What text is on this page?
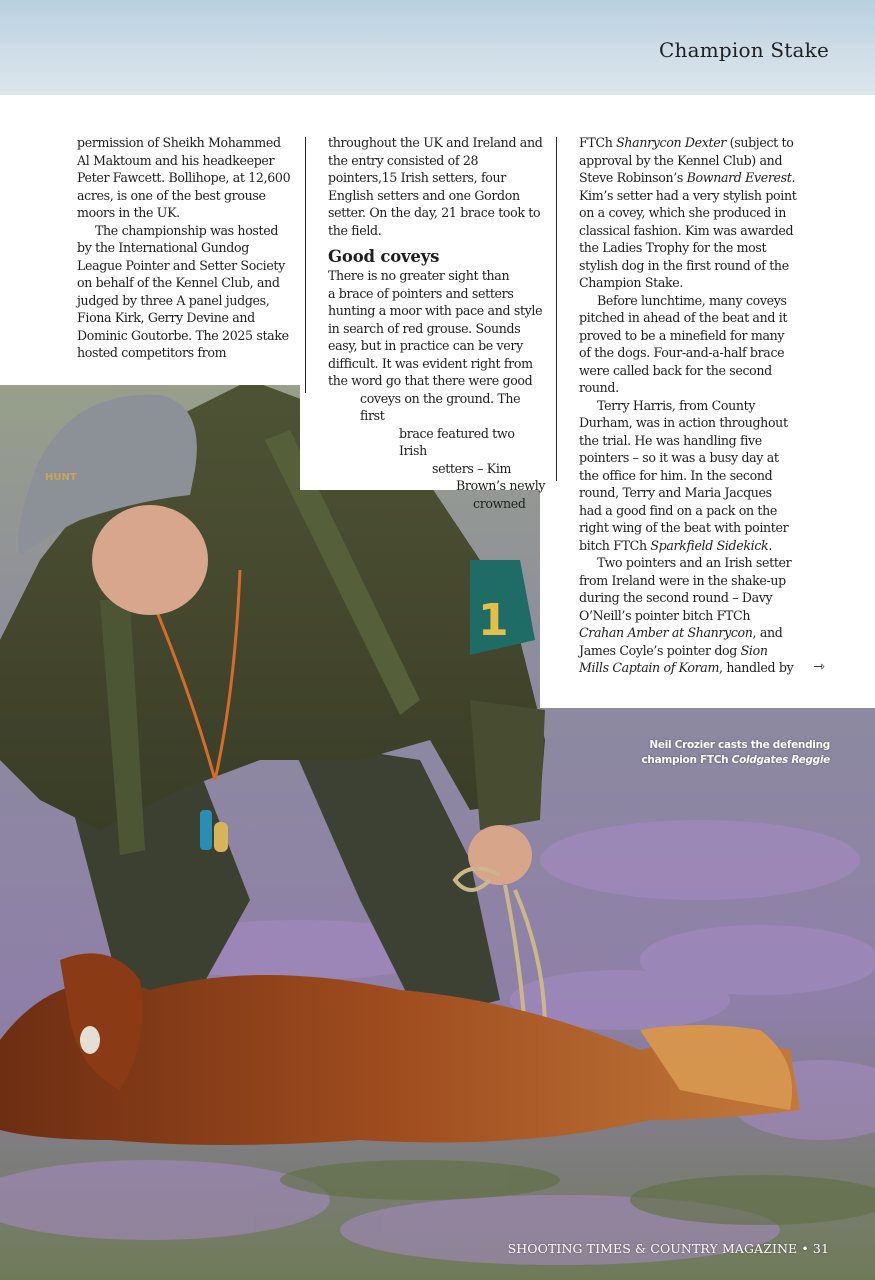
1
HUNT
Champion Stake

permission of Sheikh Mohammed Al Maktoum and his headkeeper Peter Fawcett. Bollihope, at 12,600 acres, is one of the best grouse moors in the UK.

The championship was hosted by the International Gundog League Pointer and Setter Society on behalf of the Kennel Club, and judged by three A panel judges, Fiona Kirk, Gerry Devine and Dominic Goutorbe. The 2025 stake hosted competitors from

throughout the UK and Ireland and the entry consisted of 28 pointers,15 Irish setters, four English setters and one Gordon setter. On the day, 21 brace took to the field.

Good coveys

There is no greater sight than
a brace of pointers and setters
hunting a moor with pace and style
in search of red grouse. Sounds
easy, but in practice can be very
difficult. It was evident right from
the word go that there were good
coveys on the ground. The first
brace featured two Irish
setters – Kim
Brown’s newly
crowned

FTCh Shanrycon Dexter (subject to approval by the Kennel Club) and Steve Robinson’s Bownard Everest. Kim’s setter had a very stylish point on a covey, which she produced in classical fashion. Kim was awarded the Ladies Trophy for the most stylish dog in the first round of the Champion Stake.

Before lunchtime, many coveys pitched in ahead of the beat and it proved to be a minefield for many of the dogs. Four-and-a-half brace were called back for the second round.

Terry Harris, from County Durham, was in action throughout the trial. He was handling five pointers – so it was a busy day at the office for him. In the second round, Terry and Maria Jacques had a good find on a pack on the right wing of the beat with pointer bitch FTCh Sparkfield Sidekick.

Two pointers and an Irish setter from Ireland were in the shake-up during the second round – Davy O’Neill’s pointer bitch FTCh Crahan Amber at Shanrycon, and James Coyle’s pointer dog Sion Mills Captain of Koram, handled by ⇾
Neil Crozier casts the defending
champion FTCh Coldgates Reggie
SHOOTING TIMES & COUNTRY MAGAZINE • 31
